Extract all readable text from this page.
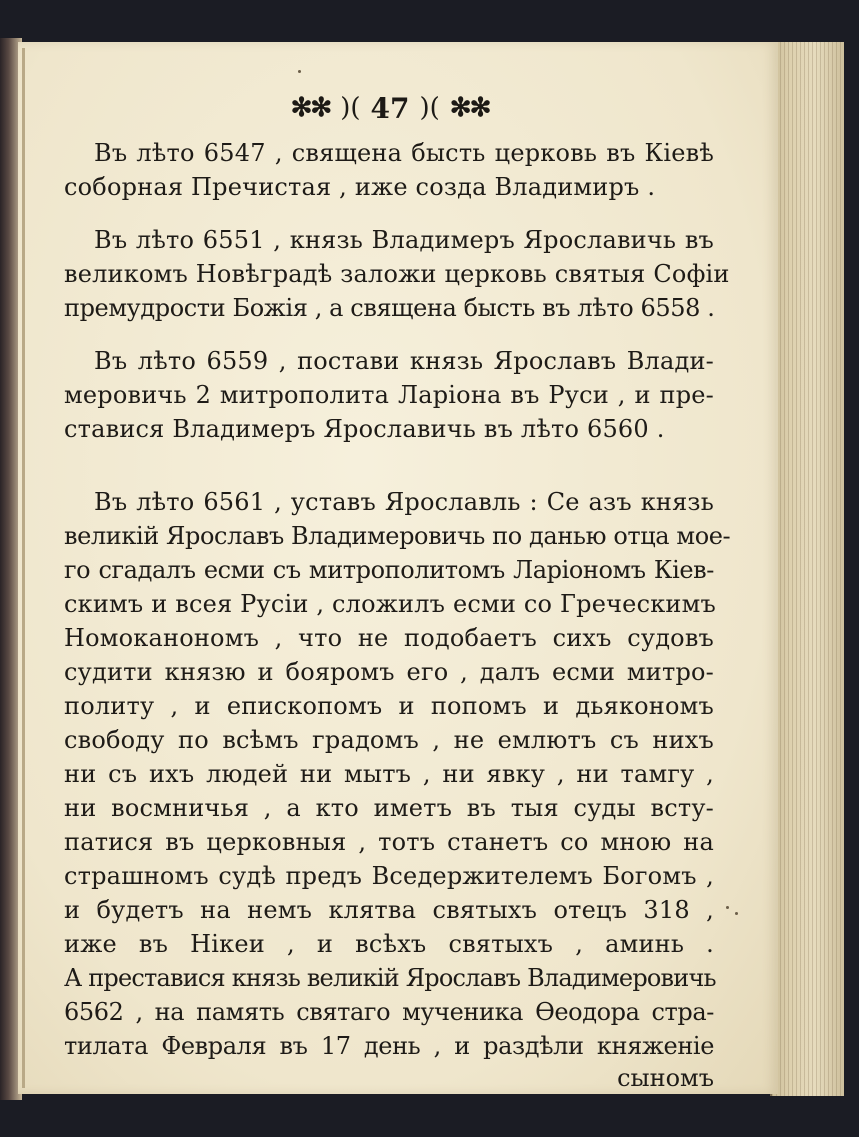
✻✻ )( 47 )( ✻✻
Въ лѣто 6547 , священа бысть церковь въ Кіевѣ
соборная Пречистая , иже созда Владимиръ .
Въ лѣто 6551 , князь Владимеръ Ярославичь въ
великомъ Новѣградѣ заложи церковь святыя Софіи
премудрости Божія , а священа бысть въ лѣто 6558 .
Въ лѣто 6559 , постави князь Ярославъ Влади-
меровичь 2 митрополита Ларіона въ Руси , и пре-
ставися Владимеръ Ярославичь въ лѣто 6560 .
Въ лѣто 6561 , уставъ Ярославль : Се азъ князь
великій Ярославъ Владимеровичь по данью отца мое-
го сгадалъ есми съ митрополитомъ Ларіономъ Кіев-
скимъ и всея Русіи , сложилъ есми со Греческимъ
Номоканономъ , что не подобаетъ сихъ судовъ
судити князю и бояромъ его , далъ есми митро-
политу , и епископомъ и попомъ и дьякономъ
свободу по всѣмъ градомъ , не емлютъ съ нихъ
ни съ ихъ людей ни мытъ , ни явку , ни тамгу ,
ни восмничья , а кто иметъ въ тыя суды всту-
патися въ церковныя , тотъ станетъ со мною на
страшномъ судѣ предъ Вседержителемъ Богомъ ,
и будетъ на немъ клятва святыхъ отецъ 318 ,
иже въ Нікеи , и всѣхъ святыхъ , аминь .
А преставися князь великій Ярославъ Владимеровичь
6562 , на память святаго мученика Ѳеодора стра-
тилата Февраля въ 17 день , и раздѣли княженіе
сыномъ
